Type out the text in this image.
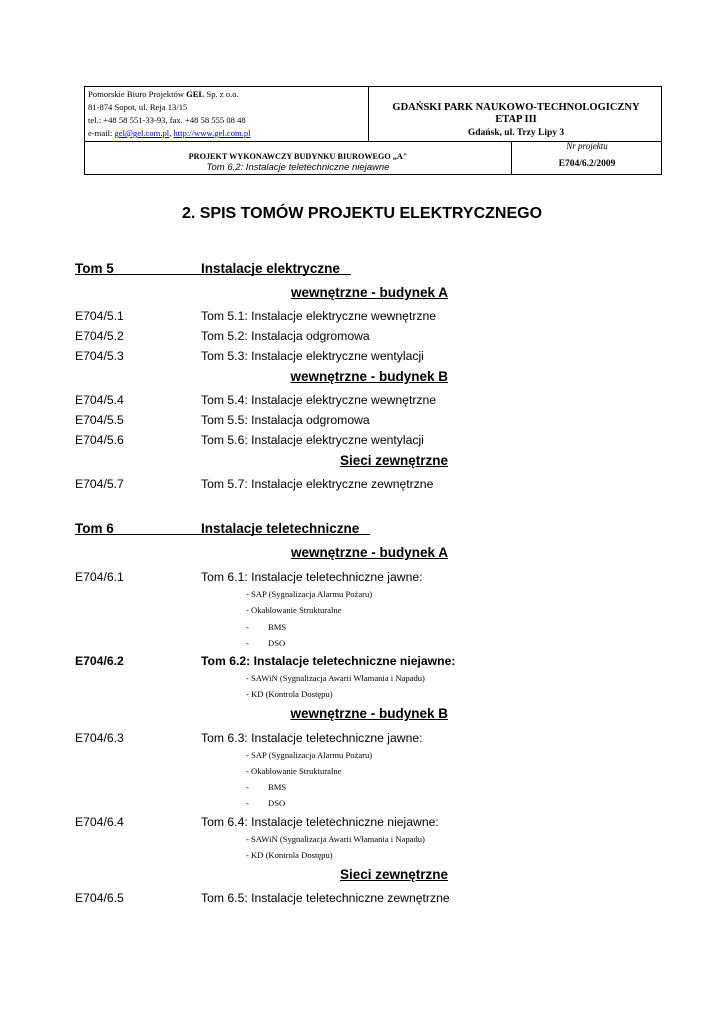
Pomorskie Biuro Projektów GEL Sp. z o.o.
81-874 Sopot, ul. Reja 13/15
tel.: +48 58 551-33-93, fax. +48 58 555 08 48
e-mail: gel@gel.com.pl, http://www.gel.com.pl
GDAŃSKI PARK NAUKOWO-TECHNOLOGICZNY
ETAP III
Gdańsk, ul. Trzy Lipy 3
PROJEKT WYKONAWCZY BUDYNKU BIUROWEGO „A"
Tom 6.2: Instalacje teletechniczne niejawne
Nr projektu
E704/6.2/2009
2. SPIS TOMÓW PROJEKTU ELEKTRYCZNEGO
Tom 5	Instalacje elektryczne
wewnętrzne - budynek A
E704/5.1	Tom 5.1: Instalacje elektryczne wewnętrzne
E704/5.2	Tom 5.2: Instalacja odgromowa
E704/5.3	Tom 5.3: Instalacje elektryczne wentylacji
wewnętrzne - budynek B
E704/5.4	Tom 5.4: Instalacje elektryczne wewnętrzne
E704/5.5	Tom 5.5: Instalacja odgromowa
E704/5.6	Tom 5.6: Instalacje elektryczne wentylacji
Sieci zewnętrzne
E704/5.7	Tom 5.7: Instalacje elektryczne zewnętrzne
Tom 6	Instalacje teletechniczne
wewnętrzne - budynek A
E704/6.1	Tom 6.1: Instalacje teletechniczne jawne:
- SAP (Sygnalizacja Alarmu Pożaru)
- Okablowanie Strukturalne
- BMS
- DSO
E704/6.2	Tom 6.2: Instalacje teletechniczne niejawne:
- SAWiN (Sygnalizacja Awarii Włamania i Napadu)
- KD (Kontrola Dostępu)
wewnętrzne - budynek B
E704/6.3	Tom 6.3: Instalacje teletechniczne jawne:
- SAP (Sygnalizacja Alarmu Pożaru)
- Okablowanie Strukturalne
- BMS
- DSO
E704/6.4	Tom 6.4: Instalacje teletechniczne niejawne:
- SAWiN (Sygnalizacja Awarii Włamania i Napadu)
- KD (Kontrola Dostępu)
Sieci zewnętrzne
E704/6.5	Tom 6.5: Instalacje teletechniczne zewnętrzne
